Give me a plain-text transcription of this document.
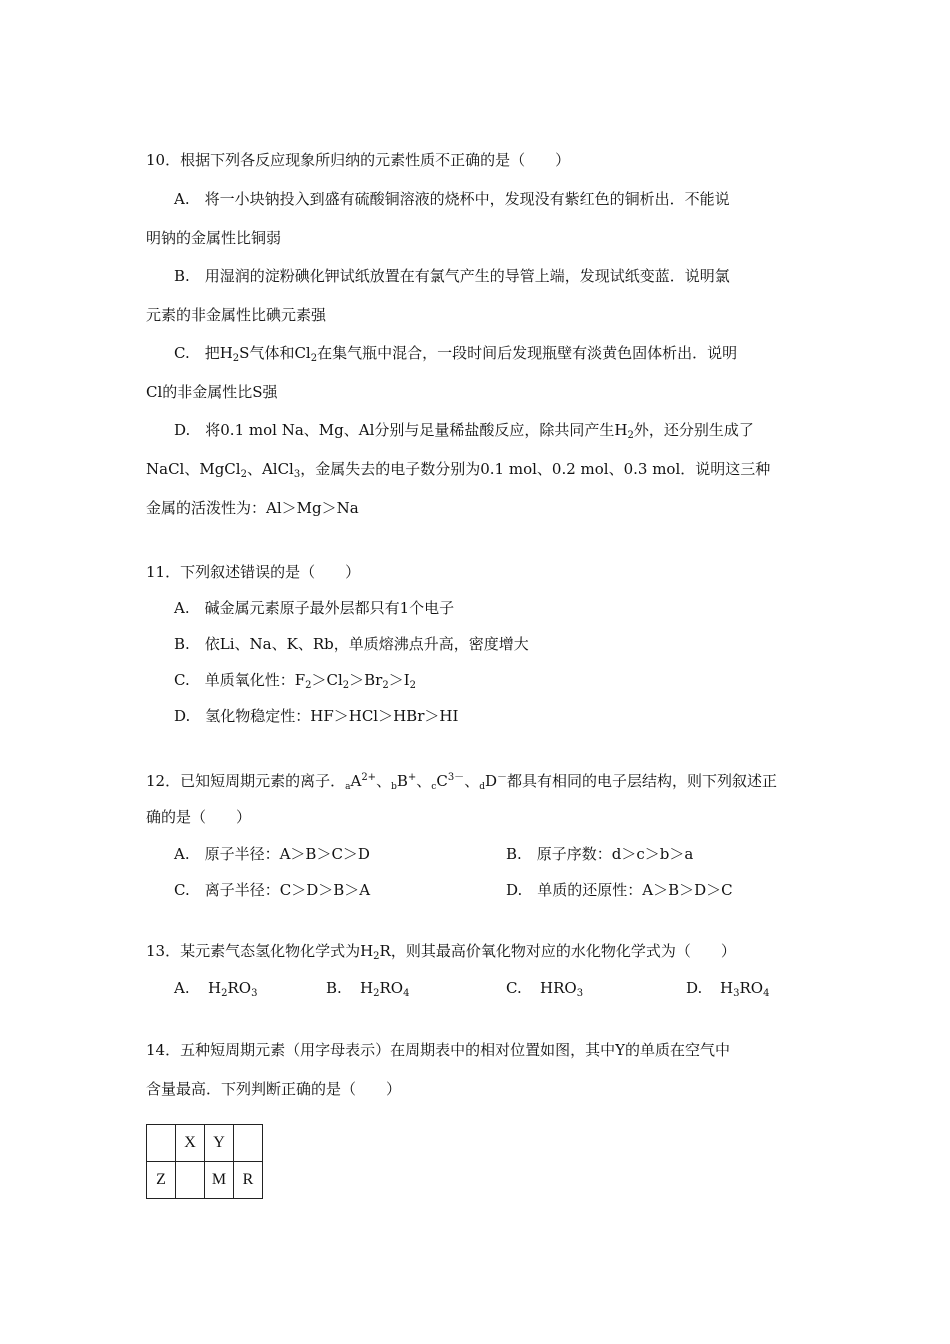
10．根据下列各反应现象所归纳的元素性质不正确的是（　　）
A.　将一小块钠投入到盛有硫酸铜溶液的烧杯中，发现没有紫红色的铜析出．不能说
明钠的金属性比铜弱
B.　用湿润的淀粉碘化钾试纸放置在有氯气产生的导管上端，发现试纸变蓝．说明氯
元素的非金属性比碘元素强
C.　把$H_2S$气体和$Cl_2$在集气瓶中混合，一段时间后发现瓶壁有淡黄色固体析出．说明
Cl的非金属性比S强
D.　将0.1 mol Na、Mg、Al分别与足量稀盐酸反应，除共同产生$H_2$外，还分别生成了
NaCl、MgCl$_2$、AlCl$_3$，金属失去的电子数分别为0.1 mol、0.2 mol、0.3 mol．说明这三种
金属的活泼性为：Al＞Mg＞Na
11．下列叙述错误的是（　　）
A.　碱金属元素原子最外层都只有1个电子
B.　依Li、Na、K、Rb，单质熔沸点升高，密度增大
C.　单质氧化性：$F_2>Cl_2>Br_2>I_2$
D.　氢化物稳定性：HF＞HCl＞HBr＞HI
12．已知短周期元素的离子．$_aA^{2+}$、$_b$B+、$_cC^{3-}$、$_d$D－都具有相同的电子层结构，则下列叙述正
确的是（　　）
A.　原子半径：A＞B＞C＞D	B.　原子序数：d＞c＞b＞a
C.　离子半径：C＞D＞B＞A	D.　单质的还原性：A＞B＞D＞C
13．某元素气态氢化物化学式为$H_2R$，则其最高价氧化物对应的水化物化学式为（　　）
A. $H_2RO_3$	B. $H_2RO_4$	C. $HRO_3$	D. $H_3RO_4$
14．五种短周期元素（用字母表示）在周期表中的相对位置如图，其中Y的单质在空气中
含量最高．下列判断正确的是（　　）
	X	Y	
Z		M	R
